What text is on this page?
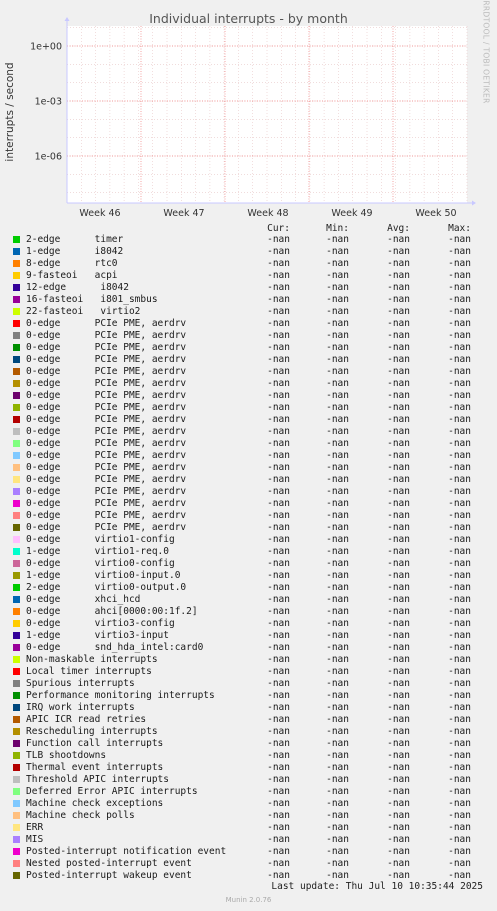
1e+00
1e-03
1e-06
Week 46	Week 47	Week 48	Week 49	Week 50
Individual interrupts - by month
interrupts / second
RRDTOOL / TOBI OETIKER
Cur:	Min:	Avg:	Max:
2-edge      timer	-nan	-nan	-nan	-nan
1-edge      i8042	-nan	-nan	-nan	-nan
8-edge      rtc0	-nan	-nan	-nan	-nan
9-fasteoi   acpi	-nan	-nan	-nan	-nan
12-edge      i8042	-nan	-nan	-nan	-nan
16-fasteoi   i801_smbus	-nan	-nan	-nan	-nan
22-fasteoi   virtio2	-nan	-nan	-nan	-nan
0-edge      PCIe PME, aerdrv	-nan	-nan	-nan	-nan
0-edge      PCIe PME, aerdrv	-nan	-nan	-nan	-nan
0-edge      PCIe PME, aerdrv	-nan	-nan	-nan	-nan
0-edge      PCIe PME, aerdrv	-nan	-nan	-nan	-nan
0-edge      PCIe PME, aerdrv	-nan	-nan	-nan	-nan
0-edge      PCIe PME, aerdrv	-nan	-nan	-nan	-nan
0-edge      PCIe PME, aerdrv	-nan	-nan	-nan	-nan
0-edge      PCIe PME, aerdrv	-nan	-nan	-nan	-nan
0-edge      PCIe PME, aerdrv	-nan	-nan	-nan	-nan
0-edge      PCIe PME, aerdrv	-nan	-nan	-nan	-nan
0-edge      PCIe PME, aerdrv	-nan	-nan	-nan	-nan
0-edge      PCIe PME, aerdrv	-nan	-nan	-nan	-nan
0-edge      PCIe PME, aerdrv	-nan	-nan	-nan	-nan
0-edge      PCIe PME, aerdrv	-nan	-nan	-nan	-nan
0-edge      PCIe PME, aerdrv	-nan	-nan	-nan	-nan
0-edge      PCIe PME, aerdrv	-nan	-nan	-nan	-nan
0-edge      PCIe PME, aerdrv	-nan	-nan	-nan	-nan
0-edge      PCIe PME, aerdrv	-nan	-nan	-nan	-nan
0-edge      virtio1-config	-nan	-nan	-nan	-nan
1-edge      virtio1-req.0	-nan	-nan	-nan	-nan
0-edge      virtio0-config	-nan	-nan	-nan	-nan
1-edge      virtio0-input.0	-nan	-nan	-nan	-nan
2-edge      virtio0-output.0	-nan	-nan	-nan	-nan
0-edge      xhci_hcd	-nan	-nan	-nan	-nan
0-edge      ahci[0000:00:1f.2]	-nan	-nan	-nan	-nan
0-edge      virtio3-config	-nan	-nan	-nan	-nan
1-edge      virtio3-input	-nan	-nan	-nan	-nan
0-edge      snd_hda_intel:card0	-nan	-nan	-nan	-nan
Non-maskable interrupts	-nan	-nan	-nan	-nan
Local timer interrupts	-nan	-nan	-nan	-nan
Spurious interrupts	-nan	-nan	-nan	-nan
Performance monitoring interrupts	-nan	-nan	-nan	-nan
IRQ work interrupts	-nan	-nan	-nan	-nan
APIC ICR read retries	-nan	-nan	-nan	-nan
Rescheduling interrupts	-nan	-nan	-nan	-nan
Function call interrupts	-nan	-nan	-nan	-nan
TLB shootdowns	-nan	-nan	-nan	-nan
Thermal event interrupts	-nan	-nan	-nan	-nan
Threshold APIC interrupts	-nan	-nan	-nan	-nan
Deferred Error APIC interrupts	-nan	-nan	-nan	-nan
Machine check exceptions	-nan	-nan	-nan	-nan
Machine check polls	-nan	-nan	-nan	-nan
ERR	-nan	-nan	-nan	-nan
MIS	-nan	-nan	-nan	-nan
Posted-interrupt notification event	-nan	-nan	-nan	-nan
Nested posted-interrupt event	-nan	-nan	-nan	-nan
Posted-interrupt wakeup event	-nan	-nan	-nan	-nan
Last update: Thu Jul 10 10:35:44 2025
Munin 2.0.76
